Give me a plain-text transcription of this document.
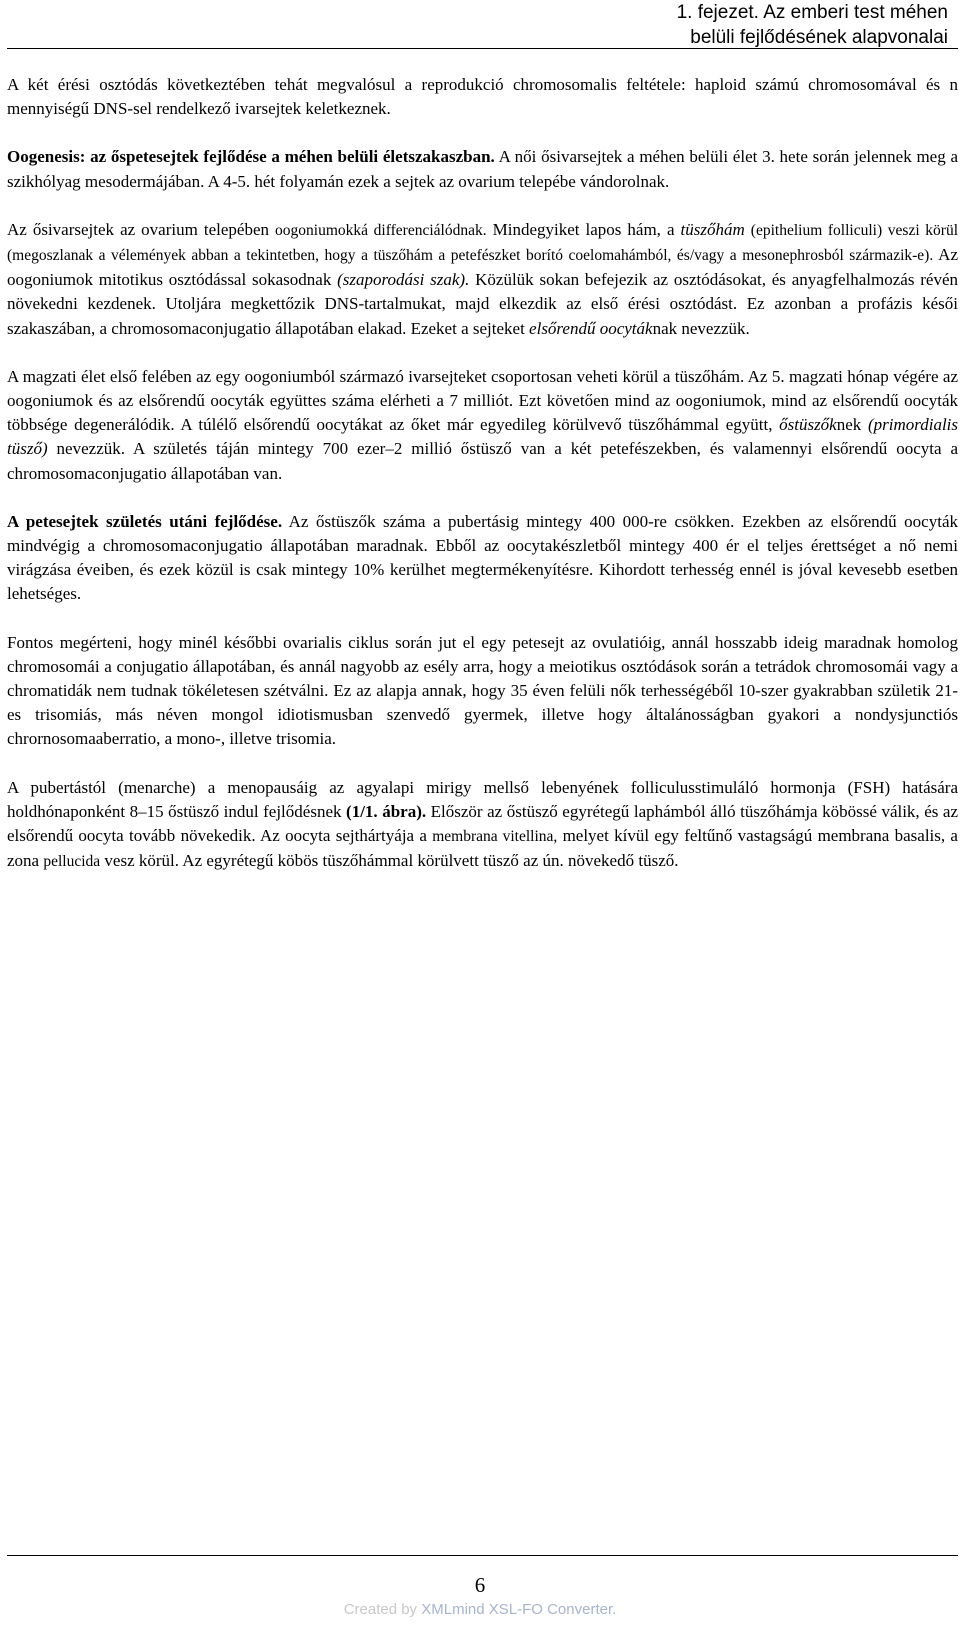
1. fejezet. Az emberi test méhen
belüli fejlődésének alapvonalai

A két érési osztódás következtében tehát megvalósul a reprodukció chromosomalis feltétele: haploid számú chromosomával és n mennyiségű DNS-sel rendelkező ivarsejtek keletkeznek.

Oogenesis: az őspetesejtek fejlődése a méhen belüli életszakaszban. A női ősivarsejtek a méhen belüli élet 3. hete során jelennek meg a szikhólyag mesodermájában. A 4-5. hét folyamán ezek a sejtek az ovarium telepébe vándorolnak.

Az ősivarsejtek az ovarium telepében oogoniumokká differenciálódnak. Mindegyiket lapos hám, a tüszőhám (epithelium folliculi) veszi körül (megoszlanak a vélemények abban a tekintetben, hogy a tüszőhám a petefészket borító coelomahámból, és/vagy a mesonephrosból származik-e). Az oogoniumok mitotikus osztódással sokasodnak (szaporodási szak). Közülük sokan befejezik az osztódásokat, és anyagfelhalmozás révén növekedni kezdenek. Utoljára megkettőzik DNS-tartalmukat, majd elkezdik az első érési osztódást. Ez azonban a profázis késői szakaszában, a chromosomaconjugatio állapotában elakad. Ezeket a sejteket elsőrendű oocytáknak nevezzük.

A magzati élet első felében az egy oogoniumból származó ivarsejteket csoportosan veheti körül a tüszőhám. Az 5. magzati hónap végére az oogoniumok és az elsőrendű oocyták együttes száma elérheti a 7 milliót. Ezt követően mind az oogoniumok, mind az elsőrendű oocyták többsége degenerálódik. A túlélő elsőrendű oocytákat az őket már egyedileg körülvevő tüszőhámmal együtt, őstüszőknek (primordialis tüsző) nevezzük. A születés táján mintegy 700 ezer–2 millió őstüsző van a két petefészekben, és valamennyi elsőrendű oocyta a chromosomaconjugatio állapotában van.

A petesejtek születés utáni fejlődése. Az őstüszők száma a pubertásig mintegy 400 000-re csökken. Ezekben az elsőrendű oocyták mindvégig a chromosomaconjugatio állapotában maradnak. Ebből az oocytakészletből mintegy 400 ér el teljes érettséget a nő nemi virágzása éveiben, és ezek közül is csak mintegy 10% kerülhet megtermékenyítésre. Kihordott terhesség ennél is jóval kevesebb esetben lehetséges.

Fontos megérteni, hogy minél későbbi ovarialis ciklus során jut el egy petesejt az ovulatióig, annál hosszabb ideig maradnak homolog chromosomái a conjugatio állapotában, és annál nagyobb az esély arra, hogy a meiotikus osztódások során a tetrádok chromosomái vagy a chromatidák nem tudnak tökéletesen szétválni. Ez az alapja annak, hogy 35 éven felüli nők terhességéből 10-szer gyakrabban születik 21-es trisomiás, más néven mongol idiotismusban szenvedő gyermek, illetve hogy általánosságban gyakori a nondysjunctiós chrornosomaaberratio, a mono-, illetve trisomia.

A pubertástól (menarche) a menopausáig az agyalapi mirigy mellső lebenyének folliculusstimuláló hormonja (FSH) hatására holdhónaponként 8–15 őstüsző indul fejlődésnek (1/1. ábra). Először az őstüsző egyrétegű laphámból álló tüszőhámja köbössé válik, és az elsőrendű oocyta tovább növekedik. Az oocyta sejthártyája a membrana vitellina, melyet kívül egy feltűnő vastagságú membrana basalis, a zona pellucida vesz körül. Az egyrétegű köbös tüszőhámmal körülvett tüsző az ún. növekedő tüsző.

6
Created by XMLmind XSL-FO Converter.
